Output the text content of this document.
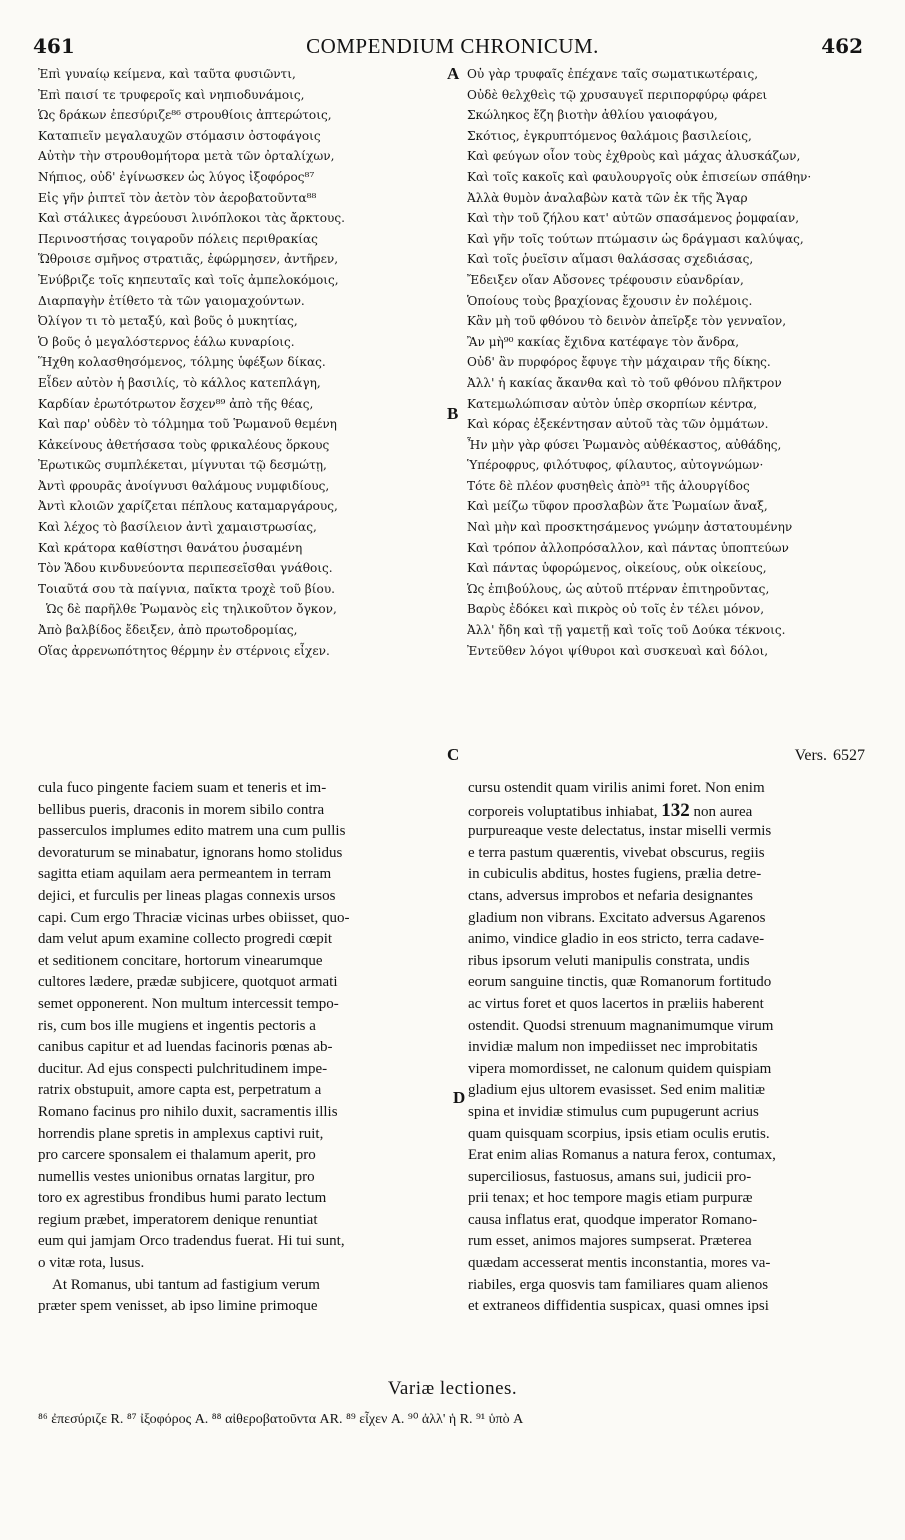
461	COMPENDIUM CHRONICUM.	462
Ἐπὶ γυναίῳ κείμενα, καὶ ταῦτα φυσιῶντι,
Ἐπὶ παισί τε τρυφεροῖς καὶ νηπιοδυνάμοις,
Ὡς δράκων ἐπεσύριζε⁸⁶ στρουθίοις ἀπτερώτοις,
Καταπιεῖν μεγαλαυχῶν στόμασιν ὀστοφάγοις
Αὐτὴν τὴν στρουθομήτορα μετὰ τῶν ὀρταλίχων,
Νήπιος, οὐδ' ἐγίνωσκεν ὡς λύγος ἰξοφόρος⁸⁷
Εἰς γῆν ῥιπτεῖ τὸν ἀετὸν τὸν ἀεροβατοῦντα⁸⁸
Καὶ στάλικες ἀγρεύουσι λινόπλοκοι τὰς ἄρκτους.
Περινοστήσας τοιγαροῦν πόλεις περιθρακίας
Ὥθροισε σμῆνος στρατιᾶς, ἐφώρμησεν, ἀντῆρεν,
Ἐνύβριζε τοῖς κηπευταῖς καὶ τοῖς ἀμπελοκόμοις,
Διαρπαγὴν ἐτίθετο τὰ τῶν γαιομαχούντων.
Ὀλίγον τι τὸ μεταξύ, καὶ βοῦς ὁ μυκητίας,
Ὁ βοῦς ὁ μεγαλόστερνος ἑάλω κυναρίοις.
Ἥχθη κολασθησόμενος, τόλμης ὑφέξων δίκας.
Εἶδεν αὐτὸν ἡ βασιλίς, τὸ κάλλος κατεπλάγη,
Καρδίαν ἐρωτότρωτον ἔσχεν⁸⁹ ἀπὸ τῆς θέας,
Καὶ παρ' οὐδὲν τὸ τόλμημα τοῦ Ῥωμανοῦ θεμένη
Κἀκείνους ἀθετήσασα τοὺς φρικαλέους ὅρκους
Ἐρωτικῶς συμπλέκεται, μίγνυται τῷ δεσμώτῃ,
Ἀντὶ φρουρᾶς ἀνοίγνυσι θαλάμους νυμφιδίους,
Ἀντὶ κλοιῶν χαρίζεται πέπλους καταμαργάρους,
Καὶ λέχος τὸ βασίλειον ἀντὶ χαμαιστρωσίας,
Καὶ κράτορα καθίστησι θανάτου ῥυσαμένη
Τὸν Ἅδου κινδυνεύοντα περιπεσεῖσθαι γνάθοις.
Τοιαῦτά σου τὰ παίγνια, παῖκτα τροχὲ τοῦ βίου.
Ὡς δὲ παρῆλθε Ῥωμανὸς εἰς τηλικοῦτον ὄγκον,
Ἀπὸ βαλβίδος ἔδειξεν, ἀπὸ πρωτοδρομίας,
Οἵας ἀρρενωπότητος θέρμην ἐν στέρνοις εἶχεν.
Οὐ γὰρ τρυφαῖς ἐπέχανε ταῖς σωματικωτέραις,
Οὐδὲ θελχθεὶς τῷ χρυσαυγεῖ περιπορφύρῳ φάρει
Σκώληκος ἔζη βιοτὴν ἀθλίου γαιοφάγου,
Σκότιος, ἐγκρυπτόμενος θαλάμοις βασιλείοις,
Καὶ φεύγων οἷον τοὺς ἐχθροὺς καὶ μάχας ἀλυσκάζων,
Καὶ τοῖς κακοῖς καὶ φαυλουργοῖς οὐκ ἐπισείων σπάθην·
Ἀλλὰ θυμὸν ἀναλαβὼν κατὰ τῶν ἐκ τῆς Ἄγαρ
Καὶ τὴν τοῦ ζήλου κατ' αὐτῶν σπασάμενος ῥομφαίαν,
Καὶ γῆν τοῖς τούτων πτώμασιν ὡς δράγμασι καλύψας,
Καὶ τοῖς ῥυεῖσιν αἵμασι θαλάσσας σχεδιάσας,
Ἔδειξεν οἵαν Αὔσονες τρέφουσιν εὐανδρίαν,
Ὁποίους τοὺς βραχίονας ἔχουσιν ἐν πολέμοις.
Κἂν μὴ τοῦ φθόνου τὸ δεινὸν ἀπεῖρξε τὸν γενναῖον,
Ἂν μὴ⁹⁰ κακίας ἔχιδνα κατέφαγε τὸν ἄνδρα,
Οὐδ' ἂν πυρφόρος ἔφυγε τὴν μάχαιραν τῆς δίκης.
Ἀλλ' ἡ κακίας ἄκανθα καὶ τὸ τοῦ φθόνου πλῆκτρον
Κατεμωλώπισαν αὐτὸν ὑπὲρ σκορπίων κέντρα,
Καὶ κόρας ἐξεκέντησαν αὐτοῦ τὰς τῶν ὀμμάτων.
Ἦν μὴν γὰρ φύσει Ῥωμανὸς αὐθέκαστος, αὐθάδης,
Ὑπέροφρυς, φιλότυφος, φίλαυτος, αὐτογνώμων·
Τότε δὲ πλέον φυσηθεὶς ἀπὸ⁹¹ τῆς ἁλουργίδος
Καὶ μείζω τῦφον προσλαβὼν ἅτε Ῥωμαίων ἄναξ,
Ναὶ μὴν καὶ προσκτησάμενος γνώμην ἀστατουμένην
Καὶ τρόπον ἀλλοπρόσαλλον, καὶ πάντας ὑποπτεύων
Καὶ πάντας ὑφορώμενος, οἰκείους, οὐκ οἰκείους,
Ὡς ἐπιβούλους, ὡς αὐτοῦ πτέρναν ἐπιτηροῦντας,
Βαρὺς ἐδόκει καὶ πικρὸς οὐ τοῖς ἐν τέλει μόνον,
Ἀλλ' ἤδη καὶ τῇ γαμετῇ καὶ τοῖς τοῦ Δούκα τέκνοις.
Ἐντεῦθεν λόγοι ψίθυροι καὶ συσκευαὶ καὶ δόλοι,
A
B
C
D
Vers. 6527
cula fuco pingente faciem suam et teneris et im-
bellibus pueris, draconis in morem sibilo contra
passerculos implumes edito matrem una cum pullis
devoraturum se minabatur, ignorans homo stolidus
sagitta etiam aquilam aera permeantem in terram
dejici, et furculis per lineas plagas connexis ursos
capi. Cum ergo Thraciæ vicinas urbes obiisset, quo-
dam velut apum examine collecto progredi cœpit
et seditionem concitare, hortorum vinearumque
cultores lædere, prædæ subjicere, quotquot armati
semet opponerent. Non multum intercessit tempo-
ris, cum bos ille mugiens et ingentis pectoris a
canibus capitur et ad luendas facinoris pœnas ab-
ducitur. Ad ejus conspecti pulchritudinem impe-
ratrix obstupuit, amore capta est, perpetratum a
Romano facinus pro nihilo duxit, sacramentis illis
horrendis plane spretis in amplexus captivi ruit,
pro carcere sponsalem ei thalamum aperit, pro
numellis vestes unionibus ornatas largitur, pro
toro ex agrestibus frondibus humi parato lectum
regium præbet, imperatorem denique renuntiat
eum qui jamjam Orco tradendus fuerat. Hi tui sunt,
o vitæ rota, lusus.
At Romanus, ubi tantum ad fastigium verum
præter spem venisset, ab ipso limine primoque
cursu ostendit quam virilis animi foret. Non enim
corporeis voluptatibus inhiabat, 132 non aurea
purpureaque veste delectatus, instar miselli vermis
e terra pastum quærentis, vivebat obscurus, regiis
in cubiculis abditus, hostes fugiens, prælia detre-
ctans, adversus improbos et nefaria designantes
gladium non vibrans. Excitato adversus Agarenos
animo, vindice gladio in eos stricto, terra cadave-
ribus ipsorum veluti manipulis constrata, undis
eorum sanguine tinctis, quæ Romanorum fortitudo
ac virtus foret et quos lacertos in præliis haberent
ostendit. Quodsi strenuum magnanimumque virum
invidiæ malum non impediisset nec improbitatis
vipera momordisset, ne calonum quidem quispiam
gladium ejus ultorem evasisset. Sed enim malitiæ
spina et invidiæ stimulus cum pupugerunt acrius
quam quisquam scorpius, ipsis etiam oculis erutis.
Erat enim alias Romanus a natura ferox, contumax,
superciliosus, fastuosus, amans sui, judicii pro-
prii tenax; et hoc tempore magis etiam purpuræ
causa inflatus erat, quodque imperator Romano-
rum esset, animos majores sumpserat. Præterea
quædam accesserat mentis inconstantia, mores va-
riabiles, erga quosvis tam familiares quam alienos
et extraneos diffidentia suspicax, quasi omnes ipsi
Variæ lectiones.
⁸⁶ ἐπεσύριζε R. ⁸⁷ ἰξοφόρος A. ⁸⁸ αἰθεροβατοῦντα AR. ⁸⁹ εἶχεν A. ⁹⁰ ἀλλ' ἡ R. ⁹¹ ὑπὸ A
